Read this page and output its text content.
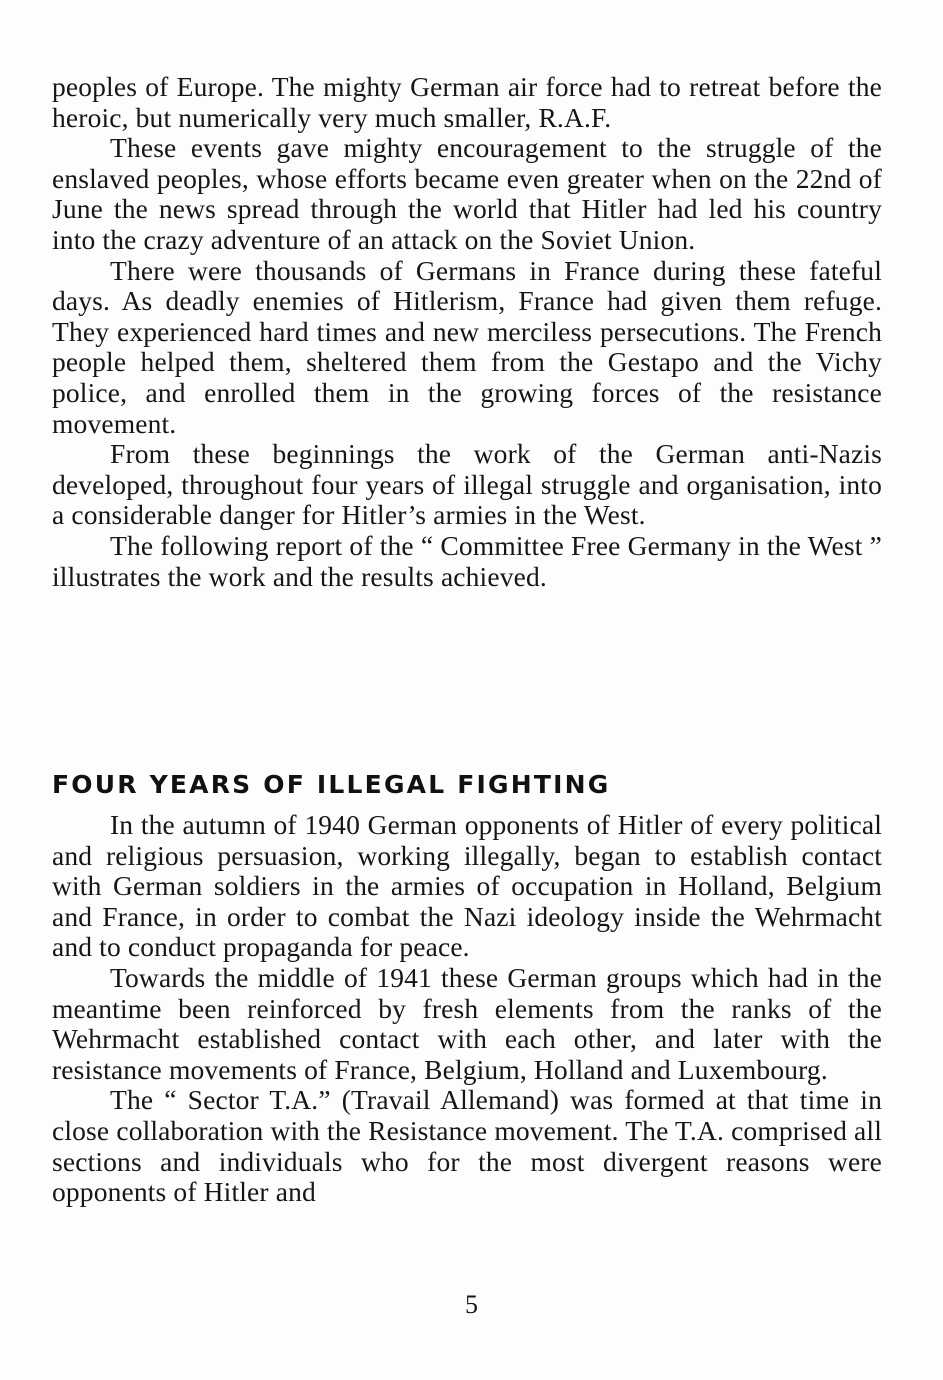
peoples of Europe. The mighty German air force had to retreat before the heroic, but numerically very much smaller, R.A.F.

These events gave mighty encouragement to the struggle of the enslaved peoples, whose efforts became even greater when on the 22nd of June the news spread through the world that Hitler had led his country into the crazy adventure of an attack on the Soviet Union.

There were thousands of Germans in France during these fateful days. As deadly enemies of Hitlerism, France had given them refuge. They experienced hard times and new merciless persecutions. The French people helped them, sheltered them from the Gestapo and the Vichy police, and enrolled them in the growing forces of the resistance movement.

From these beginnings the work of the German anti-Nazis developed, throughout four years of illegal struggle and organisation, into a considerable danger for Hitler’s armies in the West.

The following report of the “ Committee Free Germany in the West ” illustrates the work and the results achieved.

FOUR YEARS OF ILLEGAL FIGHTING

In the autumn of 1940 German opponents of Hitler of every political and religious persuasion, working illegally, began to establish contact with German soldiers in the armies of occupation in Holland, Belgium and France, in order to combat the Nazi ideology inside the Wehrmacht and to conduct propaganda for peace.

Towards the middle of 1941 these German groups which had in the meantime been reinforced by fresh elements from the ranks of the Wehrmacht established contact with each other, and later with the resistance movements of France, Belgium, Holland and Luxembourg.

The “ Sector T.A.” (Travail Allemand) was formed at that time in close collaboration with the Resistance movement. The T.A. comprised all sections and individuals who for the most divergent reasons were opponents of Hitler and

5
